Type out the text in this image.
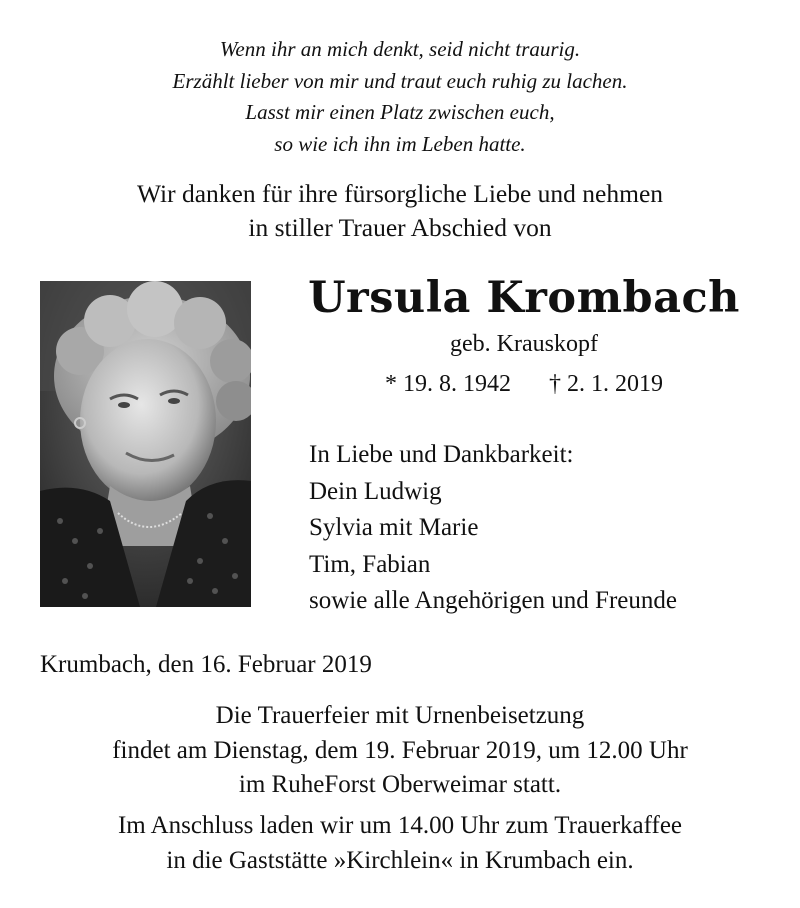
Wenn ihr an mich denkt, seid nicht traurig.
Erzählt lieber von mir und traut euch ruhig zu lachen.
Lasst mir einen Platz zwischen euch,
so wie ich ihn im Leben hatte.
Wir danken für ihre fürsorgliche Liebe und nehmen
in stiller Trauer Abschied von
Ursula Krombach
geb. Krauskopf
* 19. 8. 1942 † 2. 1. 2019
In Liebe und Dankbarkeit:
Dein Ludwig
Sylvia mit Marie
Tim, Fabian
sowie alle Angehörigen und Freunde
Krumbach, den 16. Februar 2019
Die Trauerfeier mit Urnenbeisetzung
findet am Dienstag, dem 19. Februar 2019, um 12.00 Uhr
im RuheForst Oberweimar statt.
Im Anschluss laden wir um 14.00 Uhr zum Trauerkaffee
in die Gaststätte »Kirchlein« in Krumbach ein.
